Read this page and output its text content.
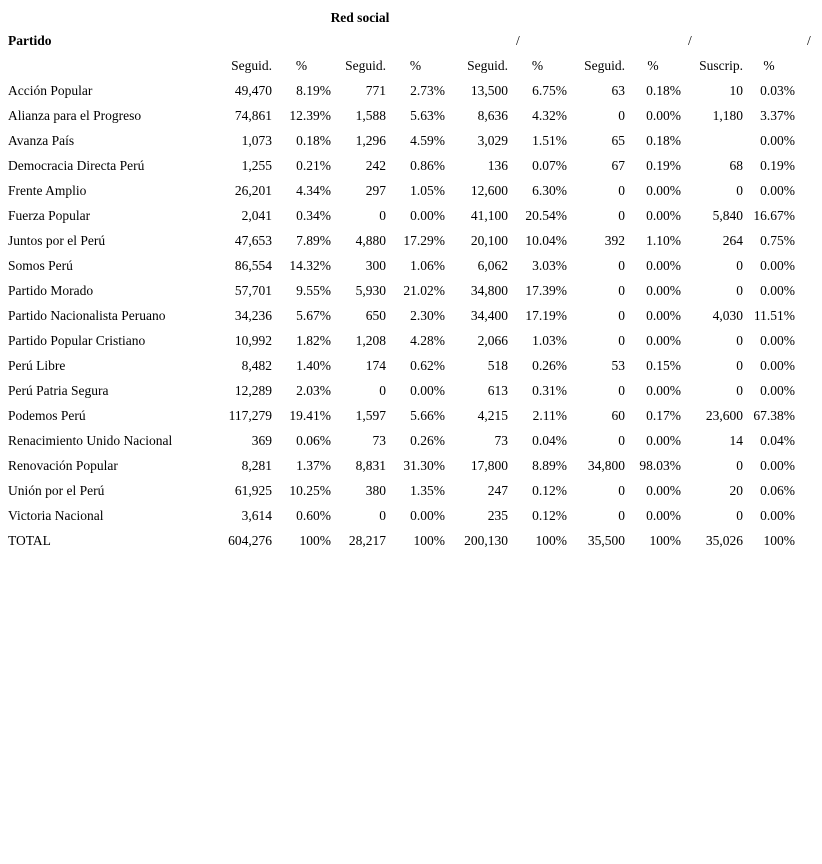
Red social
Partido	/	/	/
	Seguid.	%	Seguid.	%	Seguid.	%	Seguid.	%	Suscrip.	%
Acción Popular	49,470	8.19%	771	2.73%	13,500	6.75%	63	0.18%	10	0.03%
Alianza para el Progreso	74,861	12.39%	1,588	5.63%	8,636	4.32%	0	0.00%	1,180	3.37%
Avanza País	1,073	0.18%	1,296	4.59%	3,029	1.51%	65	0.18%		0.00%
Democracia Directa Perú	1,255	0.21%	242	0.86%	136	0.07%	67	0.19%	68	0.19%
Frente Amplio	26,201	4.34%	297	1.05%	12,600	6.30%	0	0.00%	0	0.00%
Fuerza Popular	2,041	0.34%	0	0.00%	41,100	20.54%	0	0.00%	5,840	16.67%
Juntos por el Perú	47,653	7.89%	4,880	17.29%	20,100	10.04%	392	1.10%	264	0.75%
Somos Perú	86,554	14.32%	300	1.06%	6,062	3.03%	0	0.00%	0	0.00%
Partido Morado	57,701	9.55%	5,930	21.02%	34,800	17.39%	0	0.00%	0	0.00%
Partido Nacionalista Peruano	34,236	5.67%	650	2.30%	34,400	17.19%	0	0.00%	4,030	11.51%
Partido Popular Cristiano	10,992	1.82%	1,208	4.28%	2,066	1.03%	0	0.00%	0	0.00%
Perú Libre	8,482	1.40%	174	0.62%	518	0.26%	53	0.15%	0	0.00%
Perú Patria Segura	12,289	2.03%	0	0.00%	613	0.31%	0	0.00%	0	0.00%
Podemos Perú	117,279	19.41%	1,597	5.66%	4,215	2.11%	60	0.17%	23,600	67.38%
Renacimiento Unido Nacional	369	0.06%	73	0.26%	73	0.04%	0	0.00%	14	0.04%
Renovación Popular	8,281	1.37%	8,831	31.30%	17,800	8.89%	34,800	98.03%	0	0.00%
Unión por el Perú	61,925	10.25%	380	1.35%	247	0.12%	0	0.00%	20	0.06%
Victoria Nacional	3,614	0.60%	0	0.00%	235	0.12%	0	0.00%	0	0.00%
TOTAL	604,276	100%	28,217	100%	200,130	100%	35,500	100%	35,026	100%
